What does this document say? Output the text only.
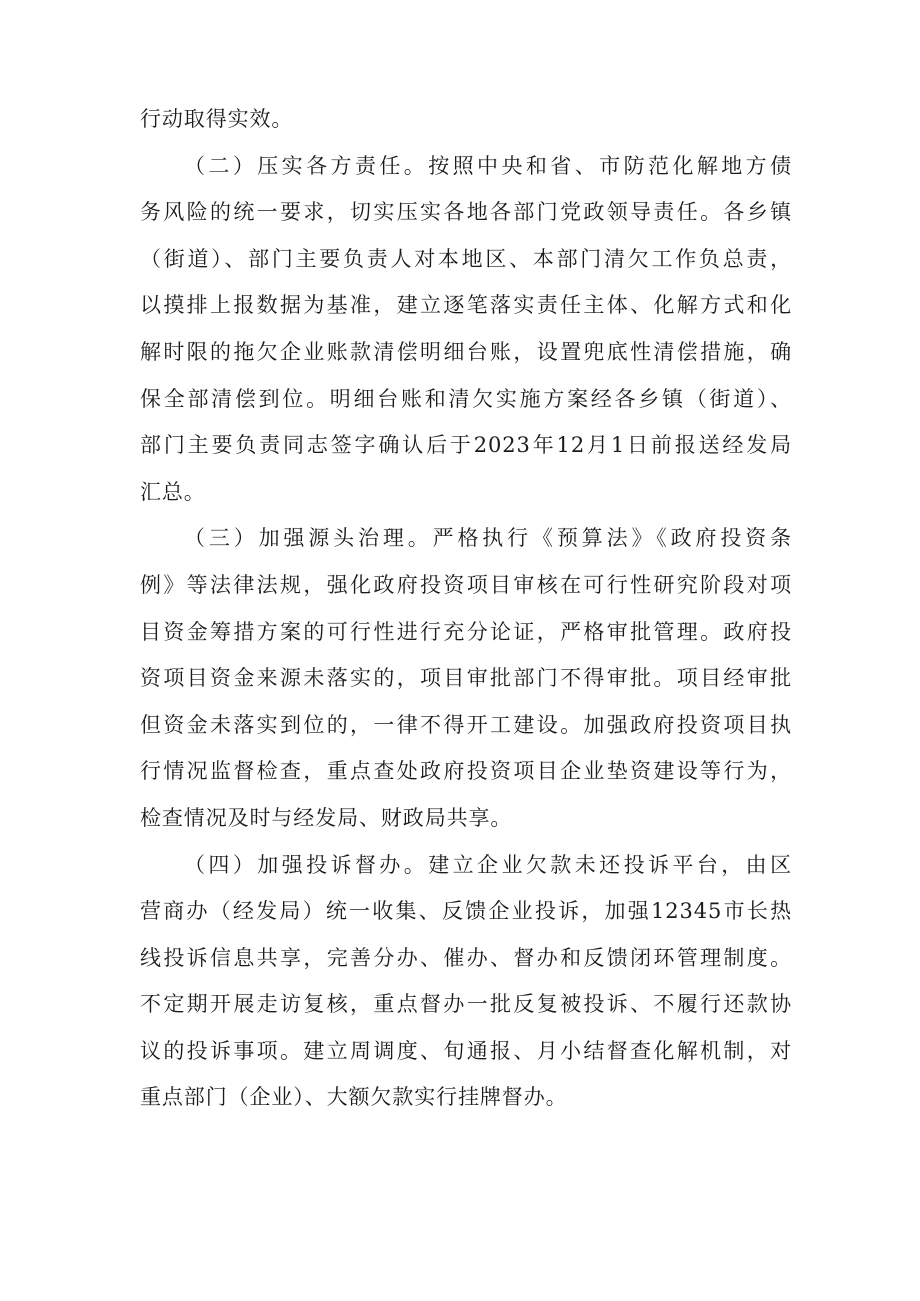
行动取得实效。
（二）压实各方责任。按照中央和省、市防范化解地方债
务风险的统一要求，切实压实各地各部门党政领导责任。各乡镇
（街道）、部门主要负责人对本地区、本部门清欠工作负总责，
以摸排上报数据为基准，建立逐笔落实责任主体、化解方式和化
解时限的拖欠企业账款清偿明细台账，设置兜底性清偿措施，确
保全部清偿到位。明细台账和清欠实施方案经各乡镇（街道）、
部门主要负责同志签字确认后于2023年12月1日前报送经发局
汇总。
（三）加强源头治理。严格执行《预算法》《政府投资条
例》等法律法规，强化政府投资项目审核在可行性研究阶段对项
目资金筹措方案的可行性进行充分论证，严格审批管理。政府投
资项目资金来源未落实的，项目审批部门不得审批。项目经审批
但资金未落实到位的，一律不得开工建设。加强政府投资项目执
行情况监督检查，重点查处政府投资项目企业垫资建设等行为，
检查情况及时与经发局、财政局共享。
（四）加强投诉督办。建立企业欠款未还投诉平台，由区
营商办（经发局）统一收集、反馈企业投诉，加强12345市长热
线投诉信息共享，完善分办、催办、督办和反馈闭环管理制度。
不定期开展走访复核，重点督办一批反复被投诉、不履行还款协
议的投诉事项。建立周调度、旬通报、月小结督查化解机制，对
重点部门（企业）、大额欠款实行挂牌督办。
